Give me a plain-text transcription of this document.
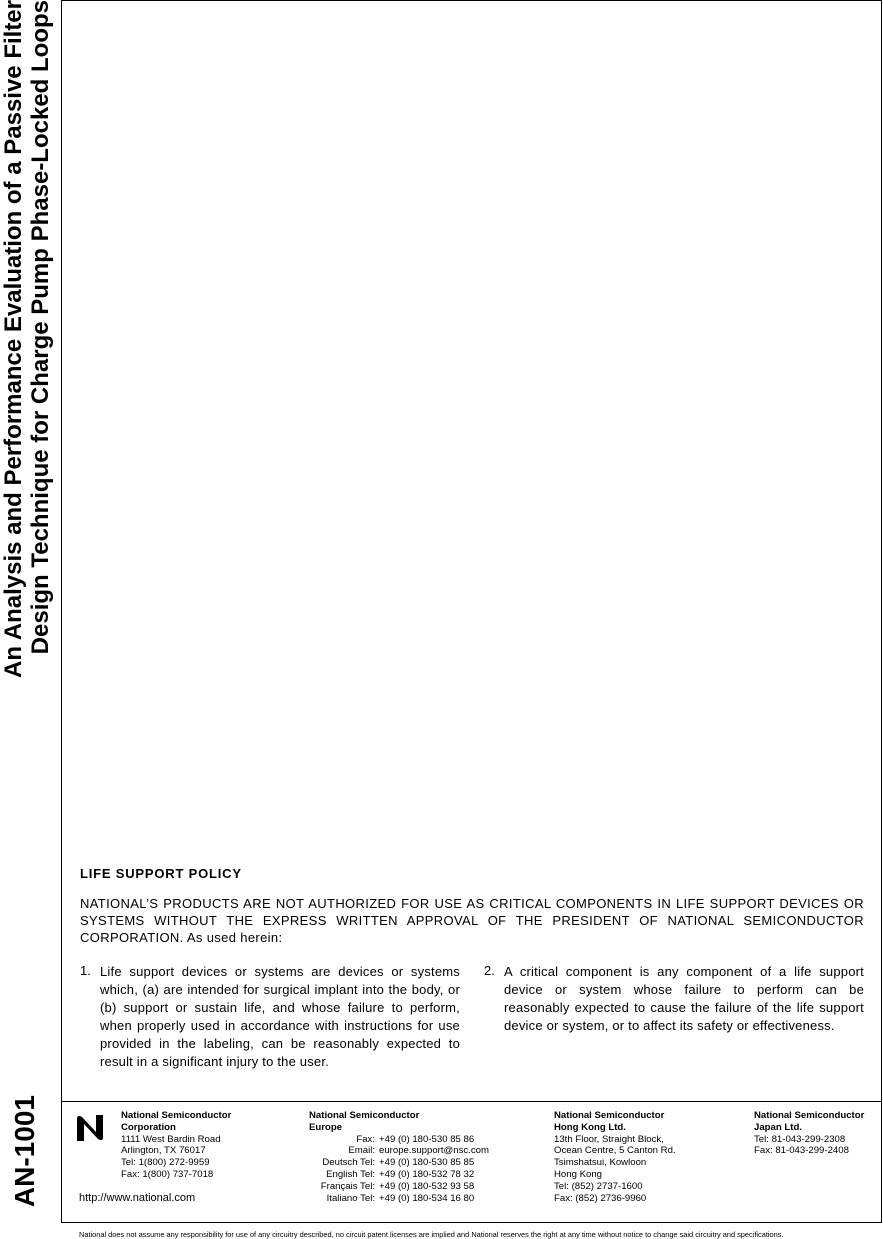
An Analysis and Performance Evaluation of a Passive Filter Design Technique for Charge Pump Phase-Locked Loops
AN-1001
LIFE SUPPORT POLICY

NATIONAL’S PRODUCTS ARE NOT AUTHORIZED FOR USE AS CRITICAL COMPONENTS IN LIFE SUPPORT DEVICES OR SYSTEMS WITHOUT THE EXPRESS WRITTEN APPROVAL OF THE PRESIDENT OF NATIONAL SEMICONDUCTOR CORPORATION. As used herein:

1. Life support devices or systems are devices or systems which, (a) are intended for surgical implant into the body, or (b) support or sustain life, and whose failure to perform, when properly used in accordance with instructions for use provided in the labeling, can be reasonably expected to result in a significant injury to the user.
2. A critical component is any component of a life support device or system whose failure to perform can be reasonably expected to cause the failure of the life support device or system, or to affect its safety or effectiveness.
National Semiconductor
Corporation
1111 West Bardin Road
Arlington, TX 76017
Tel: 1(800) 272-9959
Fax: 1(800) 737-7018
National Semiconductor
Europe
Fax: +49 (0) 180-530 85 86
Email: europe.support@nsc.com
Deutsch Tel: +49 (0) 180-530 85 85
English Tel: +49 (0) 180-532 78 32
Français Tel: +49 (0) 180-532 93 58
Italiano Tel: +49 (0) 180-534 16 80
National Semiconductor
Hong Kong Ltd.
13th Floor, Straight Block,
Ocean Centre, 5 Canton Rd.
Tsimshatsui, Kowloon
Hong Kong
Tel: (852) 2737-1600
Fax: (852) 2736-9960
National Semiconductor
Japan Ltd.
Tel: 81-043-299-2308
Fax: 81-043-299-2408
http://www.national.com
National does not assume any responsibility for use of any circuitry described, no circuit patent licenses are implied and National reserves the right at any time without notice to change said circuitry and specifications.
